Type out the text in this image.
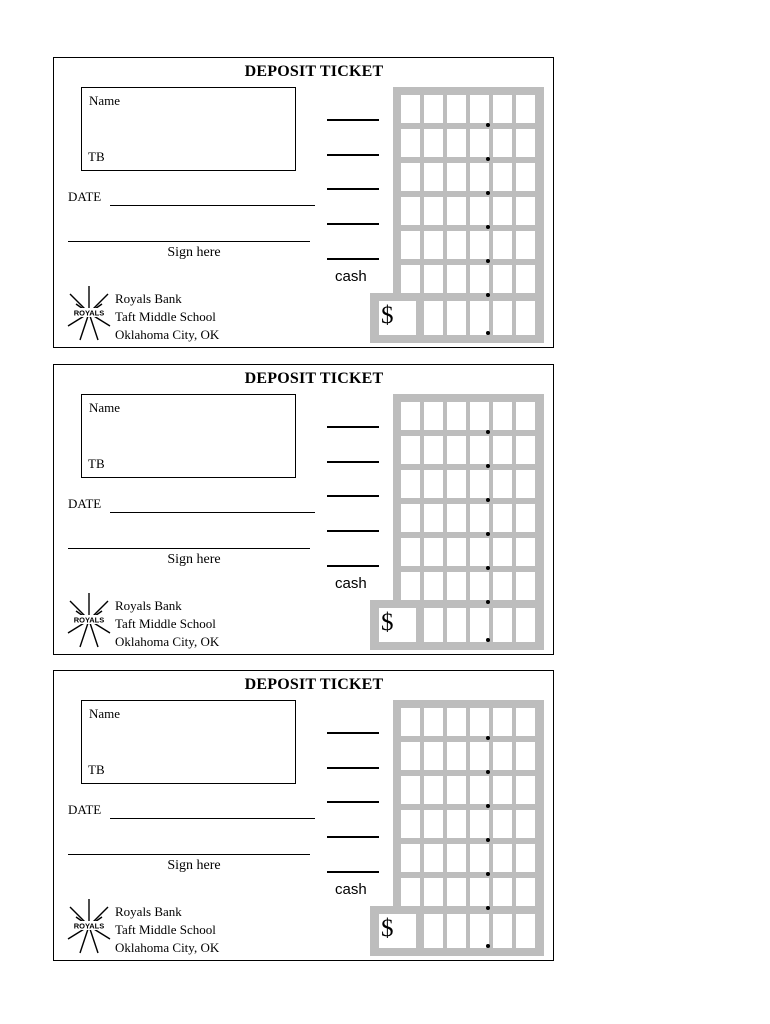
DEPOSIT TICKET
Name
TB
DATE
Sign here
cash
ROYALS
Royals Bank
Taft Middle School
Oklahoma City, OK
$
DEPOSIT TICKET
Name
TB
DATE
Sign here
cash
ROYALS
Royals Bank
Taft Middle School
Oklahoma City, OK
$
DEPOSIT TICKET
Name
TB
DATE
Sign here
cash
ROYALS
Royals Bank
Taft Middle School
Oklahoma City, OK
$
